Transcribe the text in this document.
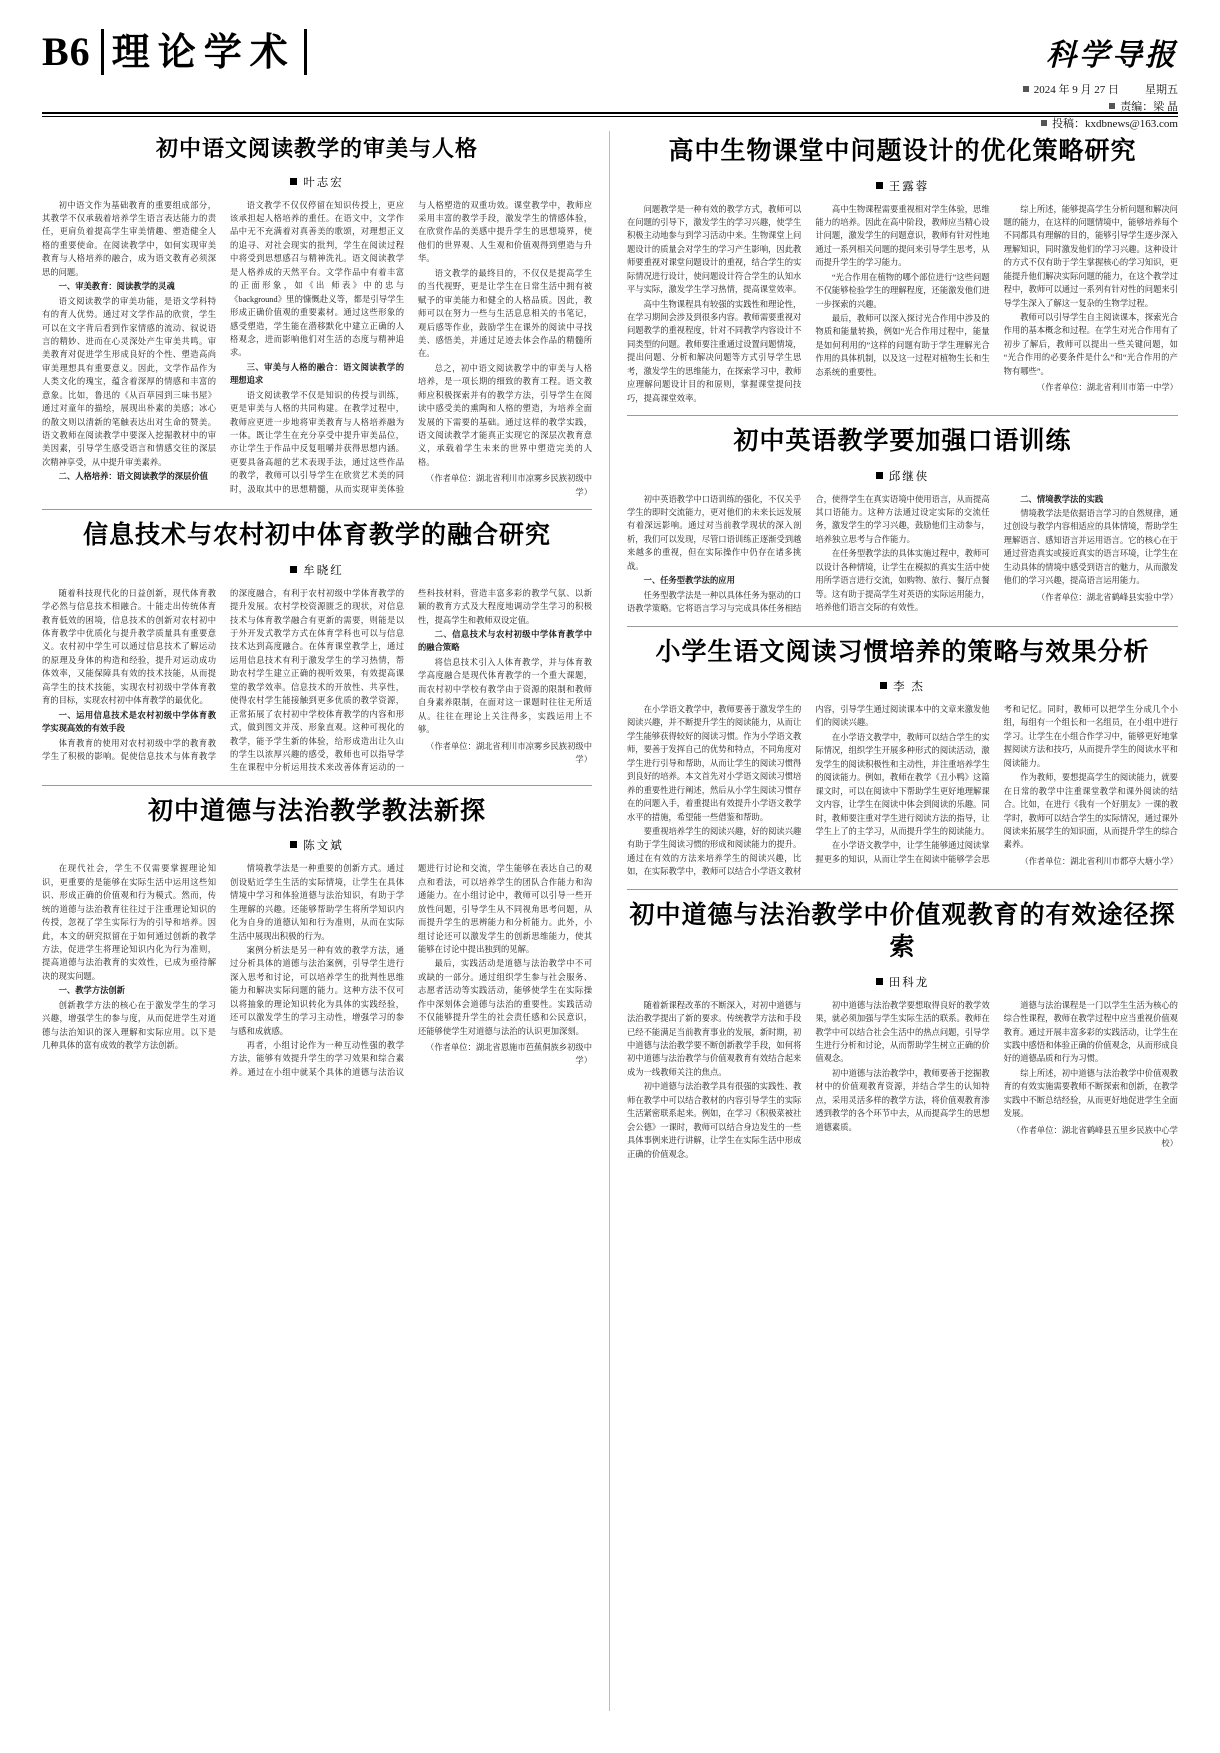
B6 理论学术	科学导报
2024 年 9 月 27 日 星期五
责编：梁 晶
投稿：kxdbnews@163.com
初中语文阅读教学的审美与人格
叶志宏

初中语文作为基础教育的重要组成部分，其教学不仅承载着培养学生语言表达能力的责任，更肩负着提高学生审美情趣、塑造健全人格的重要使命。在阅读教学中，如何实现审美教育与人格培养的融合，成为语文教育必须深思的问题。

一、审美教育：阅读教学的灵魂

语文阅读教学的审美功能，是语文学科特有的育人优势。通过对文学作品的欣赏，学生可以在文字背后看到作家情感的流动、叙说语言的精妙、进而在心灵深处产生审美共鸣。审美教育对促进学生形成良好的个性、塑造高尚审美理想具有重要意义。因此，文学作品作为人类文化的瑰宝，蕴含着深厚的情感和丰富的意象。比如，鲁迅的《从百草园到三味书屋》通过对童年的描绘，展现出朴素的美感；冰心的散文则以清新的笔触表达出对生命的赞美。语文教师在阅读教学中要深入挖掘教材中的审美因素，引导学生感受语言和情感交往的深层次精神享受，从中提升审美素养。

二、人格培养：语文阅读教学的深层价值

语文教学不仅仅停留在知识传授上，更应该承担起人格培养的重任。在语文中，文学作品中无不充满着对真善美的歌颂，对理想正义的追寻、对社会现实的批判，学生在阅读过程中将受到思想感召与精神洗礼。语文阅读教学是人格养成的天然平台。文学作品中有着丰富的正面形象，如《出 师表》中的忠与《background》里的慷慨赴义等，都是引导学生形成正确价值观的重要素材。通过这些形象的感受塑造，学生能在潜移默化中建立正确的人格观念，进而影响他们对生活的态度与精神追求。

三、审美与人格的融合：语文阅读教学的理想追求

语文阅读教学不仅是知识的传授与训练，更是审美与人格的共同构建。在教学过程中，教师应更进一步地将审美教育与人格培养融为一体。既让学生在充分享受中提升审美品位，亦让学生于作品中反复咀嚼并获得思想内涵。更要具备高超的艺术表现手法，通过这些作品的教学，教师可以引导学生在欣赏艺术美的同时，汲取其中的思想精髓，从而实现审美体验与人格塑造的双重功效。课堂教学中，教师应采用丰富的教学手段，激发学生的情感体验，在欣赏作品的美感中提升学生的思想境界，使他们的世界观、人生观和价值观得到塑造与升华。

语文教学的最终目的，不仅仅是提高学生的当代视野，更是让学生在日常生活中拥有被赋予的审美能力和健全的人格品质。因此，教师可以在努力一些与生活息息相关的书笔记，观后感等作业，鼓励学生在课外的阅读中寻找美、感悟美，并通过足迹去体会作品的精髓所在。

总之，初中语文阅读教学中的审美与人格培养，是一项长期的细致的教育工程。语文教师应积极探索并有的教学方法，引导学生在阅读中感受美的熏陶和人格的塑造，为培养全面发展的下需要的基础。通过这样的教学实践，语文阅读教学才能真正实现它的深层次教育意义，承载着学生未来的世界中塑造完美的人格。

（作者单位：湖北省利川市凉雾乡民族初级中学）

信息技术与农村初中体育教学的融合研究
牟晓红

随着科技现代化的日益创新，现代体育教学必然与信息技术相融合。十能走出传统体育教育低效的困境，信息技术的创新对农村初中体育教学中优质化与提升教学质量具有重要意义。农村初中学生可以通过信息技术了解运动的原理及身体的构造和经验，提升对运动成功体效率，又能保障具有效的技术技能，从而提高学生的技术技能，实现农村初级中学体育教育的目标，实现农村初中体育教学的最优化。

一、运用信息技术是农村初级中学体育教学实现高效的有效手段

体育教育的使用对农村初级中学的教育教学生了积极的影响。促使信息技术与体育教学的深度融合，有利于农村初级中学体育教学的提升发展。农村学校资源匮乏的现状，对信息技术与体育教学融合有更新的需要，则能是以于外开发式教学方式在体育学科也可以与信息技术达到高度融合。在体育课堂教学上，通过运用信息技术有利于激发学生的学习热情，帮助农村学生建立正确的视听效果，有效提高课堂的教学效率。信息技术的开放性、共享性，使得农村学生能接触到更多优质的教学资源，正常拓展了农村初中学校体育教学的内容和形式，做到图文并茂、形象直观。这种可视化的教学，能予学生新的体验，给形成造出让久山的学生以浓厚兴趣的感受，教师也可以指导学生在课程中分析运用技术来改善体育运动的一些科技材料，营造丰富多彩的教学气氛、以新颖的教育方式及大程度地调动学生学习的积极性，提高学生和教师双设定值。

二、信息技术与农村初级中学体育教学中的融合策略

将信息技术引入人体育教学，并与体育教学高度融合是现代体育教学的一个重大课题，而农村初中学校有教学由于资源的限制和教师自身素养限制，在面对这一课题时往往无所适从。往往在理论上关注得多，实践运用上不够。

（作者单位：湖北省利川市凉雾乡民族初级中学）

初中道德与法治教学教法新探
陈文斌

在现代社会，学生不仅需要掌握理论知识，更重要的是能够在实际生活中运用这些知识、形成正确的价值观和行为模式。然而，传统的道德与法治教育往往过于注重理论知识的传授，忽视了学生实际行为的引导和培养。因此，本文的研究拟留在于如何通过创新的教学方法，促进学生将理论知识内化为行为准则，提高道德与法治教育的实效性，已成为亟待解决的现实问题。

一、教学方法创新

创新教学方法的核心在于激发学生的学习兴趣，增强学生的参与度，从而促进学生对道德与法治知识的深入理解和实际应用。以下是几种具体的富有成效的教学方法创新。

情境教学法是一种重要的创新方式。通过创设贴近学生生活的实际情境，让学生在具体情境中学习和体验道德与法治知识，有助于学生理解的兴趣。还能够帮助学生将所学知识内化为自身的道德认知和行为准则，从而在实际生活中展现出积极的行为。

案例分析法是另一种有效的教学方法，通过分析具体的道德与法治案例，引导学生进行深入思考和讨论，可以培养学生的批判性思维能力和解决实际问题的能力。这种方法不仅可以将抽象的理论知识转化为具体的实践经验，还可以激发学生的学习主动性，增强学习的参与感和成就感。

再者，小组讨论作为一种互动性强的教学方法，能够有效提升学生的学习效果和综合素养。通过在小组中就某个具体的道德与法治议题进行讨论和交流，学生能够在表达自己的观点和看法，可以培养学生的团队合作能力和沟通能力。在小组讨论中，教师可以引导一些开放性问题，引导学生从不同视角思考问题，从而提升学生的思辨能力和分析能力。此外，小组讨论还可以激发学生的创新思维能力，使其能够在讨论中提出独到的见解。

最后，实践活动是道德与法治教学中不可或缺的一部分。通过组织学生参与社会服务、志愿者活动等实践活动，能够使学生在实际操作中深刻体会道德与法治的重要性。实践活动不仅能够提升学生的社会责任感和公民意识，还能够使学生对道德与法治的认识更加深刻。

（作者单位：湖北省恩施市芭蕉侗族乡初级中学）

高中生物课堂中问题设计的优化策略研究
王露蓉

问题教学是一种有效的教学方式，教师可以在问题的引导下，激发学生的学习兴趣，使学生积极主动地参与到学习活动中来。生物课堂上问题设计的质量会对学生的学习产生影响，因此教师要重视对课堂问题设计的重视，结合学生的实际情况进行设计，使问题设计符合学生的认知水平与实际，激发学生学习热情，提高课堂效率。

高中生物课程具有较强的实践性和理论性，在学习期间会涉及到很多内容。教师需要重视对问题教学的重视程度，针对不同教学内容设计不同类型的问题。教师要注重通过设置问题情境，提出问题、分析和解决问题等方式引导学生思考，激发学生的思维能力，在探索学习中，教师应理解问题设计目的和原则，掌握课堂提问技巧，提高课堂效率。

高中生物课程需要重视相对学生体验，思维能力的培养。因此在高中阶段，教师应当精心设计问题，激发学生的问题意识，教师有针对性地通过一系列相关问题的提问来引导学生思考，从而提升学生的学习能力。

“光合作用在植物的哪个部位进行”这些问题不仅能够检验学生的理解程度，还能激发他们进一步探索的兴趣。

最后，教师可以深入探讨光合作用中涉及的物质和能量转换，例如“光合作用过程中，能量是如何利用的”这样的问题有助于学生理解光合作用的具体机制，以及这一过程对植物生长和生态系统的重要性。

综上所述，能够提高学生分析问题和解决问题的能力，在这样的问题情境中，能够培养每个不同都具有理解的目的，能够引导学生逐步深入理解知识，同时激发他们的学习兴趣。这种设计的方式不仅有助于学生掌握核心的学习知识，更能提升他们解决实际问题的能力，在这个教学过程中，教师可以通过一系列有针对性的问题来引导学生深入了解这一复杂的生物学过程。

教师可以引导学生自主阅读课本，探索光合作用的基本概念和过程。在学生对光合作用有了初步了解后，教师可以提出一些关键问题，如“光合作用的必要条件是什么”和“光合作用的产物有哪些”。

（作者单位：湖北省利川市第一中学）

初中英语教学要加强口语训练
邱继侠

初中英语教学中口语训练的强化，不仅关乎学生的即时交流能力，更对他们的未来长远发展有着深远影响。通过对当前教学现状的深入剖析，我们可以发现，尽管口语训练正逐渐受到越来越多的重视，但在实际操作中仍存在诸多挑战。

一、任务型教学法的应用

任务型教学法是一种以具体任务为驱动的口语教学策略。它将语言学习与完成具体任务相结合，使得学生在真实语境中使用语言，从而提高其口语能力。这种方法通过设定实际的交流任务，激发学生的学习兴趣，鼓励他们主动参与，培养独立思考与合作能力。

在任务型教学法的具体实施过程中，教师可以设计各种情境，让学生在模拟的真实生活中使用所学语言进行交流，如购物、旅行、餐厅点餐等。这有助于提高学生对英语的实际运用能力，培养他们语言交际的有效性。

二、情境教学法的实践

情境教学法是依据语言学习的自然规律，通过创设与教学内容相适应的具体情境，帮助学生理解语言、感知语言并运用语言。它的核心在于通过营造真实或接近真实的语言环境，让学生在生动具体的情境中感受到语言的魅力，从而激发他们的学习兴趣，提高语言运用能力。

（作者单位：湖北省鹤峰县实验中学）

小学生语文阅读习惯培养的策略与效果分析
李 杰

在小学语文教学中，教师要善于激发学生的阅读兴趣，并不断提升学生的阅读能力，从而让学生能够获得较好的阅读习惯。作为小学语文教师，要善于发挥自己的优势和特点，不同角度对学生进行引导和帮助，从而让学生的阅读习惯得到良好的培养。本文首先对小学语文阅读习惯培养的重要性进行阐述，然后从小学生阅读习惯存在的问题入手，着重提出有效提升小学语文教学水平的措施，希望能一些借鉴和帮助。

要重视培养学生的阅读兴趣，好的阅读兴趣有助于学生阅读习惯的形成和阅读能力的提升。通过在有效的方法来培养学生的阅读兴趣，比如，在实际教学中，教师可以结合小学语文教材内容，引导学生通过阅读课本中的文章来激发他们的阅读兴趣。

在小学语文教学中，教师可以结合学生的实际情况，组织学生开展多种形式的阅读活动，激发学生的阅读积极性和主动性，并注重培养学生的阅读能力。例如，教师在教学《丑小鸭》这篇课文时，可以在阅读中下帮助学生更好地理解课文内容，让学生在阅读中体会到阅读的乐趣。同时，教师要注重对学生进行阅读方法的指导，让学生上了的主学习，从而提升学生的阅读能力。

在小学语文教学中，让学生能够通过阅读掌握更多的知识，从而让学生在阅读中能够学会思考和记忆。同时，教师可以把学生分成几个小组，每组有一个组长和一名组员，在小组中进行学习。让学生在小组合作学习中，能够更好地掌握阅读方法和技巧，从而提升学生的阅读水平和阅读能力。

作为教师，要想提高学生的阅读能力，就要在日常的教学中注重课堂教学和课外阅读的结合。比如，在进行《我有一个好朋友》一课的教学时，教师可以结合学生的实际情况，通过课外阅读来拓展学生的知识面，从而提升学生的综合素养。

（作者单位：湖北省利川市都亭大塘小学）

初中道德与法治教学中价值观教育的有效途径探索
田科龙

随着新课程改革的不断深入，对初中道德与法治教学提出了新的要求。传统教学方法和手段已经不能满足当前教育事业的发展，新时期，初中道德与法治教学要不断创新教学手段，如何将初中道德与法治教学与价值观教育有效结合起来成为一线教师关注的焦点。

初中道德与法治教学具有很强的实践性、教师在教学中可以结合教材的内容引导学生的实际生活紧密联系起来。例如，在学习《积极菜被社会公德》一课时，教师可以结合身边发生的一些具体事例来进行讲解，让学生在实际生活中形成正确的价值观念。

初中道德与法治教学要想取得良好的教学效果，就必须加强与学生实际生活的联系。教师在教学中可以结合社会生活中的热点问题，引导学生进行分析和讨论，从而帮助学生树立正确的价值观念。

初中道德与法治教学中，教师要善于挖掘教材中的价值观教育资源，并结合学生的认知特点，采用灵活多样的教学方法，将价值观教育渗透到教学的各个环节中去，从而提高学生的思想道德素质。

道德与法治课程是一门以学生生活为核心的综合性课程，教师在教学过程中应当重视价值观教育。通过开展丰富多彩的实践活动，让学生在实践中感悟和体验正确的价值观念，从而形成良好的道德品质和行为习惯。

综上所述，初中道德与法治教学中价值观教育的有效实施需要教师不断探索和创新，在教学实践中不断总结经验，从而更好地促进学生全面发展。

（作者单位：湖北省鹤峰县五里乡民族中心学校）
